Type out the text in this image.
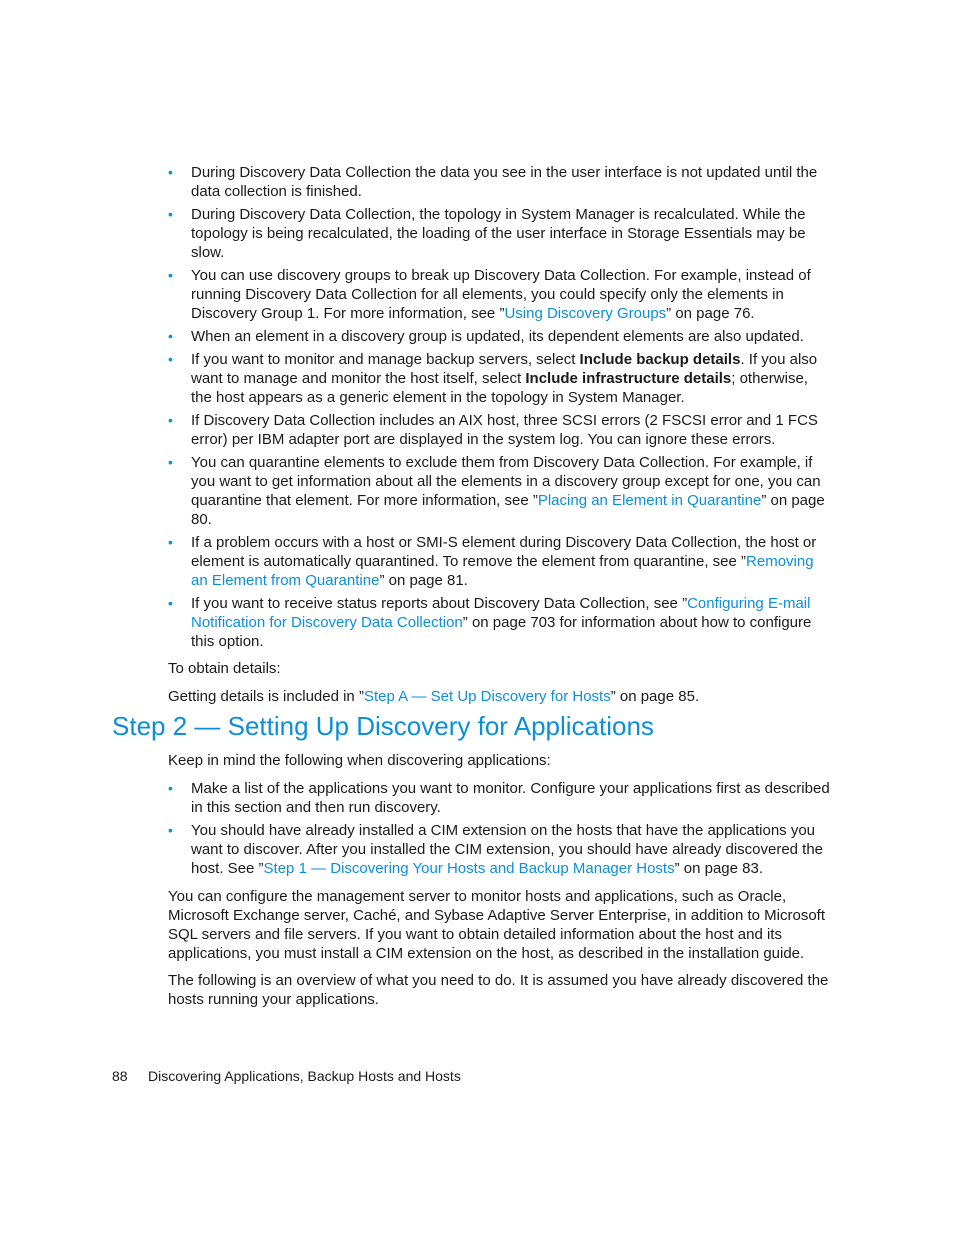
• During Discovery Data Collection the data you see in the user interface is not updated until the data collection is finished.
• During Discovery Data Collection, the topology in System Manager is recalculated. While the topology is being recalculated, the loading of the user interface in Storage Essentials may be slow.
• You can use discovery groups to break up Discovery Data Collection. For example, instead of running Discovery Data Collection for all elements, you could specify only the elements in Discovery Group 1. For more information, see ”Using Discovery Groups” on page 76.
• When an element in a discovery group is updated, its dependent elements are also updated.
• If you want to monitor and manage backup servers, select Include backup details. If you also want to manage and monitor the host itself, select Include infrastructure details; otherwise, the host appears as a generic element in the topology in System Manager.
• If Discovery Data Collection includes an AIX host, three SCSI errors (2 FSCSI error and 1 FCS error) per IBM adapter port are displayed in the system log. You can ignore these errors.
• You can quarantine elements to exclude them from Discovery Data Collection. For example, if you want to get information about all the elements in a discovery group except for one, you can quarantine that element. For more information, see ”Placing an Element in Quarantine” on page 80.
• If a problem occurs with a host or SMI-S element during Discovery Data Collection, the host or element is automatically quarantined. To remove the element from quarantine, see ”Removing an Element from Quarantine” on page 81.
• If you want to receive status reports about Discovery Data Collection, see ”Configuring E-mail Notification for Discovery Data Collection” on page 703 for information about how to configure this option.

To obtain details:

Getting details is included in ”Step A — Set Up Discovery for Hosts” on page 85.

Step 2 — Setting Up Discovery for Applications

Keep in mind the following when discovering applications:

• Make a list of the applications you want to monitor. Configure your applications first as described in this section and then run discovery.
• You should have already installed a CIM extension on the hosts that have the applications you want to discover. After you installed the CIM extension, you should have already discovered the host. See ”Step 1 — Discovering Your Hosts and Backup Manager Hosts” on page 83.

You can configure the management server to monitor hosts and applications, such as Oracle, Microsoft Exchange server, Caché, and Sybase Adaptive Server Enterprise, in addition to Microsoft SQL servers and file servers. If you want to obtain detailed information about the host and its applications, you must install a CIM extension on the host, as described in the installation guide.

The following is an overview of what you need to do. It is assumed you have already discovered the hosts running your applications.

88 Discovering Applications, Backup Hosts and Hosts
